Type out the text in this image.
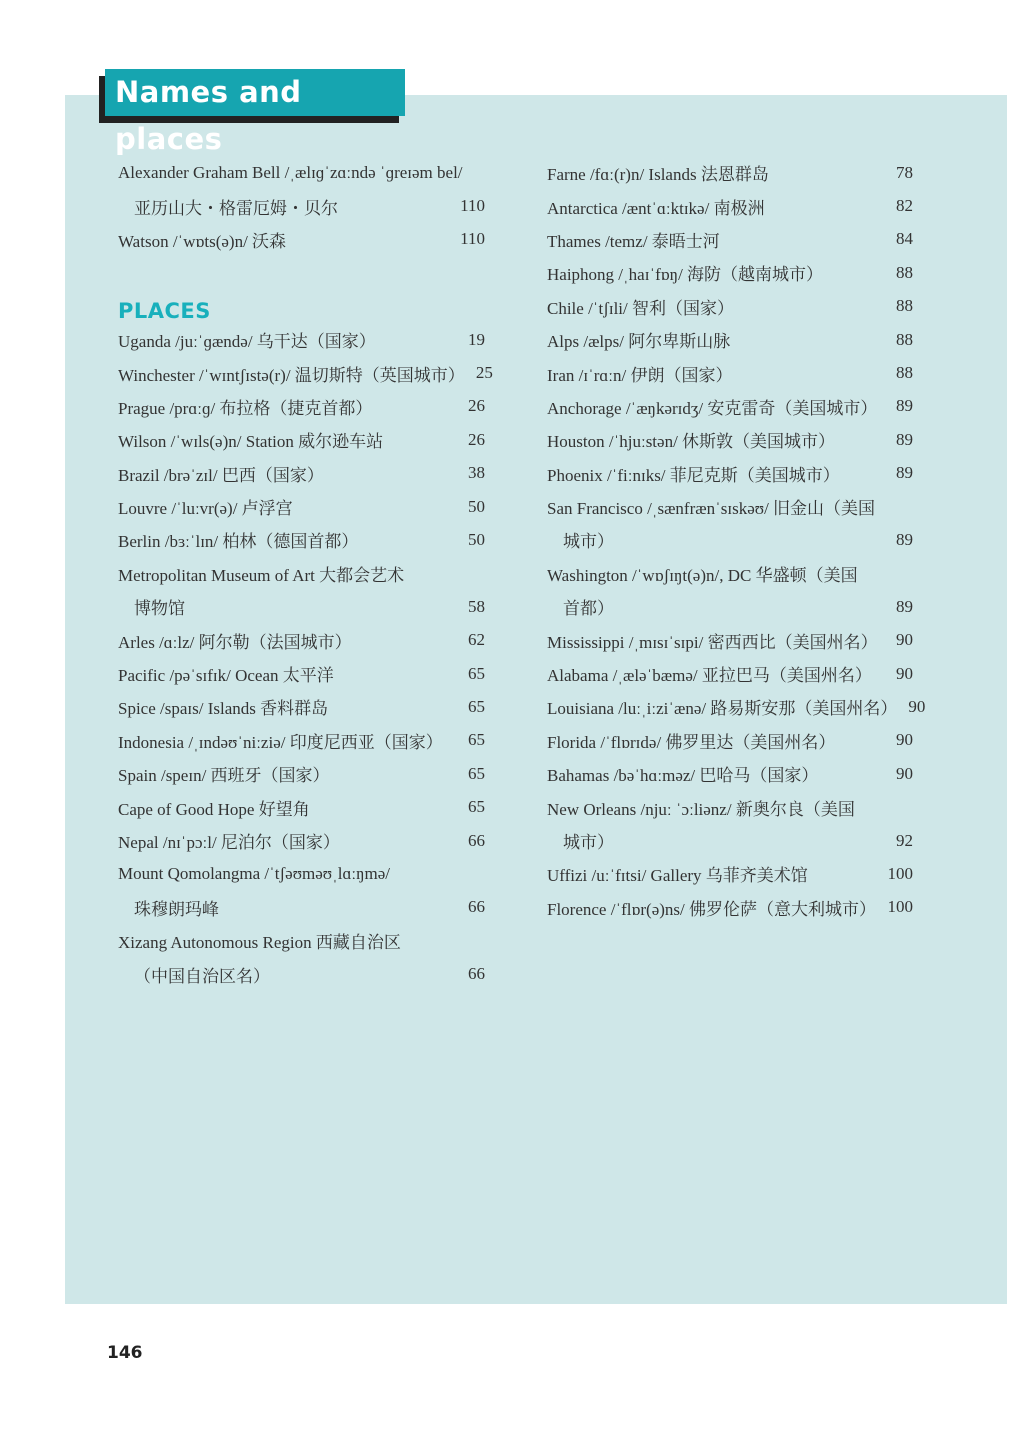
Names and places
Alexander Graham Bell /ˌælɪɡˈzɑːndə ˈɡreɪəm bel/
亚历山大・格雷厄姆・贝尔	110
Watson /ˈwɒts(ə)n/ 沃森	110
PLACES
Uganda /juːˈɡændə/ 乌干达（国家）	19
Winchester /ˈwɪntʃɪstə(r)/ 温切斯特（英国城市） 25
Prague /prɑːɡ/ 布拉格（捷克首都）	26
Wilson /ˈwɪls(ə)n/ Station 威尔逊车站	26
Brazil /brəˈzɪl/ 巴西（国家）	38
Louvre /ˈluːvr(ə)/ 卢浮宫	50
Berlin /bɜːˈlɪn/ 柏林（德国首都）	50
Metropolitan Museum of Art 大都会艺术
博物馆	58
Arles /ɑːlz/ 阿尔勒（法国城市）	62
Pacific /pəˈsɪfɪk/ Ocean 太平洋	65
Spice /spaɪs/ Islands 香料群岛	65
Indonesia /ˌɪndəʊˈniːziə/ 印度尼西亚（国家）	65
Spain /speɪn/ 西班牙（国家）	65
Cape of Good Hope 好望角	65
Nepal /nɪˈpɔːl/ 尼泊尔（国家）	66
Mount Qomolangma /ˈtʃəʊməʊˌlɑːŋmə/
珠穆朗玛峰	66
Xizang Autonomous Region 西藏自治区
（中国自治区名）	66
Farne /fɑː(r)n/ Islands 法恩群岛	78
Antarctica /æntˈɑːktɪkə/ 南极洲	82
Thames /temz/ 泰晤士河	84
Haiphong /ˌhaɪˈfɒŋ/ 海防（越南城市）	88
Chile /ˈtʃɪli/ 智利（国家）	88
Alps /ælps/ 阿尔卑斯山脉	88
Iran /ɪˈrɑːn/ 伊朗（国家）	88
Anchorage /ˈæŋkərɪdʒ/ 安克雷奇（美国城市）	89
Houston /ˈhjuːstən/ 休斯敦（美国城市）	89
Phoenix /ˈfiːnɪks/ 菲尼克斯（美国城市）	89
San Francisco /ˌsænfrænˈsɪskəʊ/ 旧金山（美国
城市）	89
Washington /ˈwɒʃɪŋt(ə)n/, DC 华盛顿（美国
首都）	89
Mississippi /ˌmɪsɪˈsɪpi/ 密西西比（美国州名）	90
Alabama /ˌæləˈbæmə/ 亚拉巴马（美国州名）	90
Louisiana /luːˌiːziˈænə/ 路易斯安那（美国州名） 90
Florida /ˈflɒrɪdə/ 佛罗里达（美国州名）	90
Bahamas /bəˈhɑːməz/ 巴哈马（国家）	90
New Orleans /njuː ˈɔːliənz/ 新奥尔良（美国
城市）	92
Uffizi /uːˈfɪtsi/ Gallery 乌菲齐美术馆	100
Florence /ˈflɒr(ə)ns/ 佛罗伦萨（意大利城市） 100
146
